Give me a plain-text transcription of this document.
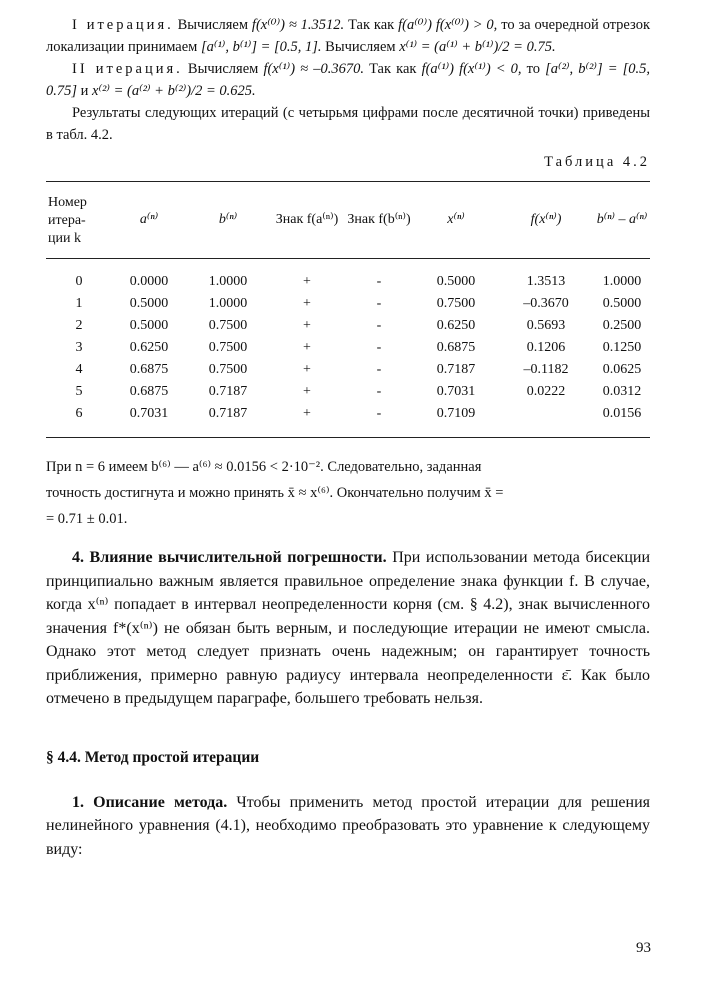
I итерация. Вычисляем f(x⁽⁰⁾) ≈ 1.3512. Так как f(a⁽⁰⁾) f(x⁽⁰⁾) > 0, то за очередной отрезок локализации принимаем [a⁽¹⁾, b⁽¹⁾] = [0.5, 1]. Вычисляем x⁽¹⁾ = (a⁽¹⁾ + b⁽¹⁾)/2 = 0.75.

II итерация. Вычисляем f(x⁽¹⁾) ≈ –0.3670. Так как f(a⁽¹⁾) f(x⁽¹⁾) < 0, то [a⁽²⁾, b⁽²⁾] = [0.5, 0.75] и x⁽²⁾ = (a⁽²⁾ + b⁽²⁾)/2 = 0.625.

Результаты следующих итераций (с четырьмя цифрами после десятичной точки) приведены в табл. 4.2.

Таблица 4.2
Номер итера- ции k	a⁽ⁿ⁾	b⁽ⁿ⁾	Знак f(a⁽ⁿ⁾)	Знак f(b⁽ⁿ⁾)	x⁽ⁿ⁾	f(x⁽ⁿ⁾)	b⁽ⁿ⁾ – a⁽ⁿ⁾

0	0.0000	1.0000	+	-	0.5000	1.3513	1.0000
1	0.5000	1.0000	+	-	0.7500	–0.3670	0.5000
2	0.5000	0.7500	+	-	0.6250	0.5693	0.2500
3	0.6250	0.7500	+	-	0.6875	0.1206	0.1250
4	0.6875	0.7500	+	-	0.7187	–0.1182	0.0625
5	0.6875	0.7187	+	-	0.7031	0.0222	0.0312
6	0.7031	0.7187	+	-	0.7109		0.0156

При n = 6 имеем b⁽⁶⁾ — a⁽⁶⁾ ≈ 0.0156 < 2·10⁻². Следовательно, заданная
точность достигнута и можно принять x̄ ≈ x⁽⁶⁾. Окончательно получим x̄ =
= 0.71 ± 0.01.

4. Влияние вычислительной погрешности. При использовании метода бисекции принципиально важным является правильное определение знака функции f. В случае, когда x⁽ⁿ⁾ попадает в интервал неопределенности корня (см. § 4.2), знак вычисленного значения f*(x⁽ⁿ⁾) не обязан быть верным, и последующие итерации не имеют смысла. Однако этот метод следует признать очень надежным; он гарантирует точность приближения, примерно равную радиусу интервала неопределенности ε̄. Как было отмечено в предыдущем параграфе, большего требовать нельзя.

§ 4.4. Метод простой итерации

1. Описание метода. Чтобы применить метод простой итерации для решения нелинейного уравнения (4.1), необходимо преобразовать это уравнение к следующему виду:

93
